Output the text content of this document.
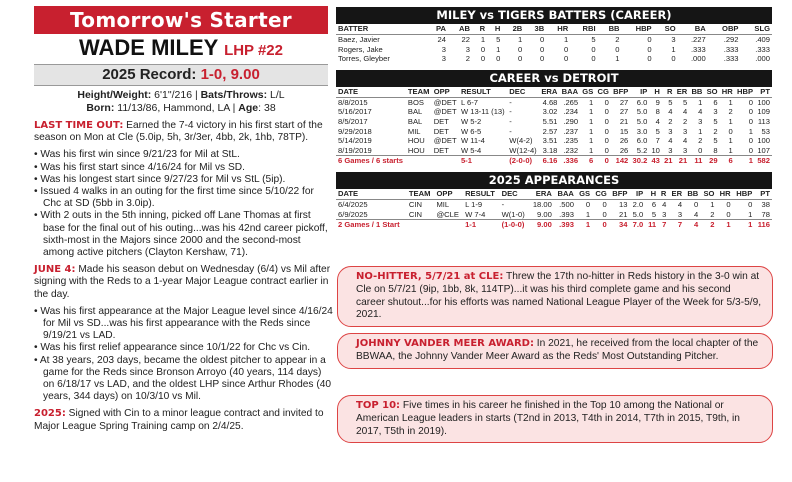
Tomorrow's Starter
WADE MILEY LHP #22
2025 Record: 1-0, 9.00
Height/Weight: 6'1"/216 | Bats/Throws: L/L
Born: 11/13/86, Hammond, LA | Age: 38

LAST TIME OUT: Earned the 7-4 victory in his first start of the season on Mon at Cle (5.0ip, 5h, 3r/3er, 4bb, 2k, 1hb, 78TP).

• Was his first win since 9/21/23 for Mil at StL.
• Was his first start since 4/16/24 for Mil vs SD.
• Was his longest start since 9/27/23 for Mil vs StL (5ip).
• Issued 4 walks in an outing for the first time since 5/10/22 for Chc at SD (5bb in 3.0ip).
• With 2 outs in the 5th inning, picked off Lane Thomas at first base for the final out of his outing...was his 42nd career pickoff, sixth-most in the Majors since 2000 and the second-most among active pitchers (Clayton Kershaw, 71).

JUNE 4: Made his season debut on Wednesday (6/4) vs Mil after signing with the Reds to a 1-year Major League contract earlier in the day.

• Was his first appearance at the Major League level since 4/16/24 for Mil vs SD...was his first appearance with the Reds since 9/19/21 vs LAD.
• Was his first relief appearance since 10/1/22 for Chc vs Cin.
• At 38 years, 203 days, became the oldest pitcher to appear in a game for the Reds since Bronson Arroyo (40 years, 114 days) on 6/18/17 vs LAD, and the oldest LHP since Arthur Rhodes (40 years, 344 days) on 10/3/10 vs Mil.

2025: Signed with Cin to a minor league contract and invited to Major League Spring Training camp on 2/4/25.

MILEY vs TIGERS BATTERS (CAREER)
BATTER	PA	AB	R	H	2B	3B	HR	RBI	BB	HBP	SO	BA	OBP	SLG
Baez, Javier	24	22	1	5	1	0	1	5	2	0	3	.227	.292	.409
Rogers, Jake	3	3	0	1	0	0	0	0	0	0	1	.333	.333	.333
Torres, Gleyber	3	2	0	0	0	0	0	0	1	0	0	.000	.333	.000
CAREER vs DETROIT
DATE	TEAM	OPP	RESULT	DEC	ERA	BAA	GS	CG	BFP	IP	H	R	ER	BB	SO	HR	HBP	PT
8/8/2015	BOS	@DET	L 6-7	-	4.68	.265	1	0	27	6.0	9	5	5	1	6	1	0	100
5/16/2017	BAL	@DET	W 13-11 (13)	-	3.02	.234	1	0	27	5.0	8	4	4	4	3	2	0	109
8/5/2017	BAL	DET	W 5-2	-	5.51	.290	1	0	21	5.0	4	2	2	3	5	1	0	113
9/29/2018	MIL	DET	W 6-5	-	2.57	.237	1	0	15	3.0	5	3	3	1	2	0	1	53
5/14/2019	HOU	@DET	W 11-4	W(4-2)	3.51	.235	1	0	26	6.0	7	4	4	2	5	1	0	100
8/19/2019	HOU	DET	W 5-4	W(12-4)	3.18	.232	1	0	26	5.2	10	3	3	0	8	1	0	107
6 Games / 6 starts			5-1	(2-0-0)	6.16	.336	6	0	142	30.2	43	21	21	11	29	6	1	582
2025 APPEARANCES
DATE	TEAM	OPP	RESULT	DEC	ERA	BAA	GS	CG	BFP	IP	H	R	ER	BB	SO	HR	HBP	PT
6/4/2025	CIN	MIL	L 1-9	-	18.00	.500	0	0	13	2.0	6	4	4	0	1	0	0	38
6/9/2025	CIN	@CLE	W 7-4	W(1-0)	9.00	.393	1	0	21	5.0	5	3	3	4	2	0	1	78
2 Games / 1 Start			1-1	(1-0-0)	9.00	.393	1	0	34	7.0	11	7	7	4	2	1	1	116
NO-HITTER, 5/7/21 at CLE: Threw the 17th no-hitter in Reds history in the 3-0 win at Cle on 5/7/21 (9ip, 1bb, 8k, 114TP)...it was his third complete game and his second career shutout...for his efforts was named National League Player of the Week for 5/3-5/9, 2021.
JOHNNY VANDER MEER AWARD: In 2021, he received from the local chapter of the BBWAA, the Johnny Vander Meer Award as the Reds' Most Outstanding Pitcher.
TOP 10: Five times in his career he finished in the Top 10 among the National or American League leaders in starts (T2nd in 2013, T4th in 2014, T7th in 2015, T9th, in 2017, T5th in 2019).
